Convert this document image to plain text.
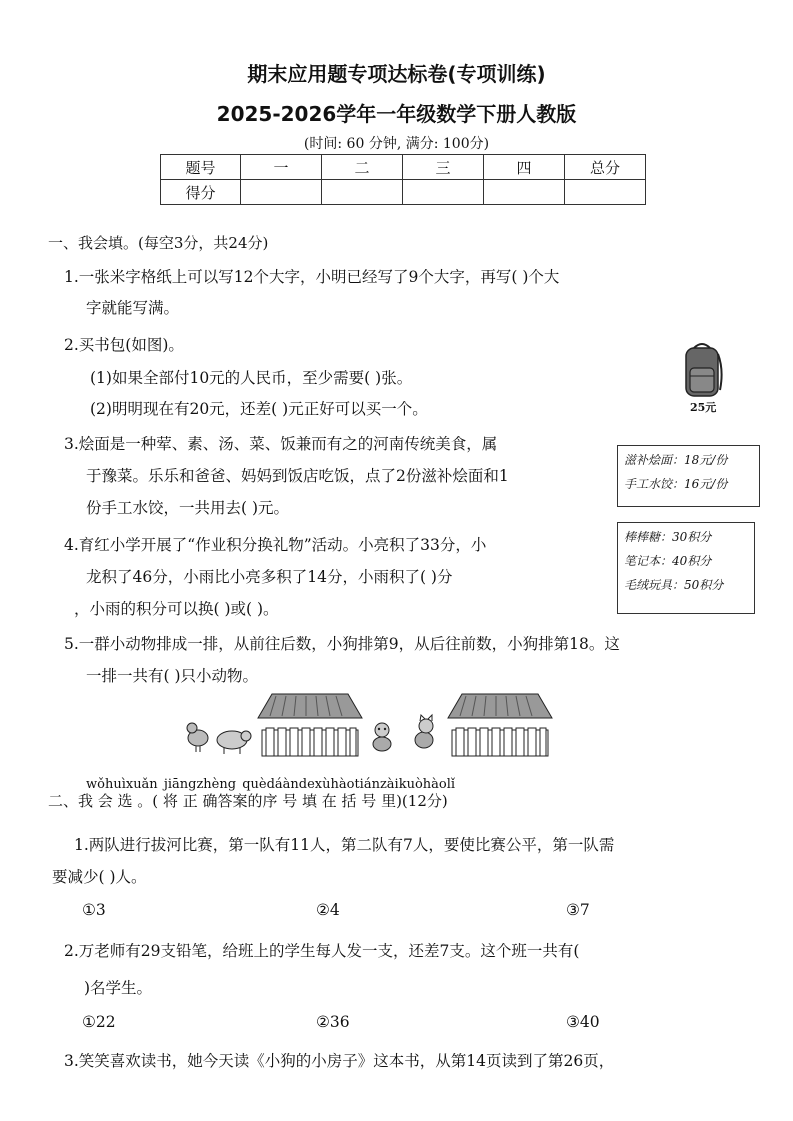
期末应用题专项达标卷(专项训练)
2025-2026学年一年级数学下册人教版
(时间: 60 分钟, 满分: 100分)
题号	一	二	三	四	总分
得分					
一、我会填。(每空3分，共24分)
1.一张米字格纸上可以写12个大字，小明已经写了9个大字，再写( )个大
字就能写满。
2.买书包(如图)。
(1)如果全部付10元的人民币，至少需要( )张。
(2)明明现在有20元，还差( )元正好可以买一个。	25元
3.烩面是一种荤、素、汤、菜、饭兼而有之的河南传统美食，属
于豫菜。乐乐和爸爸、妈妈到饭店吃饭，点了2份滋补烩面和1
份手工水饺，一共用去( )元。
滋补烩面：18元/份
手工水饺：16元/份
4.育红小学开展了“作业积分换礼物”活动。小亮积了33分，小
龙积了46分，小雨比小亮多积了14分，小雨积了( )分
，小雨的积分可以换( )或( )。
棒棒糖：30积分
笔记本：40积分
毛绒玩具：50积分
5.一群小动物排成一排，从前往后数，小狗排第9，从后往前数，小狗排第18。这
一排一共有( )只小动物。
wǒhuìxuǎn jiāngzhèng quèdáàndexùhàotiánzàikuòhàolǐ
二、我 会 选 。( 将 正 确答案的序 号 填 在 括 号 里)(12分)
1.两队进行拔河比赛，第一队有11人，第二队有7人，要使比赛公平，第一队需
要减少( )人。
①3	②4	③7
2.万老师有29支铅笔，给班上的学生每人发一支，还差7支。这个班一共有(
)名学生。
①22	②36	③40
3.笑笑喜欢读书，她今天读《小狗的小房子》这本书，从第14页读到了第26页，
